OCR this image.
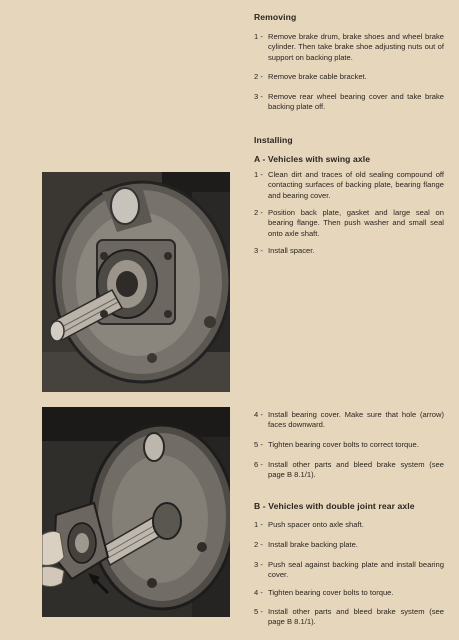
Removing
1 - Remove brake drum, brake shoes and wheel brake cylinder. Then take brake shoe adjusting nuts out of support on backing plate.
2 - Remove brake cable bracket.
3 - Remove rear wheel bearing cover and take brake backing plate off.
Installing
A - Vehicles with swing axle
1 - Clean dirt and traces of old sealing compound off contacting surfaces of backing plate, bearing flange and bearing cover.
2 - Position back plate, gasket and large seal on bearing flange. Then push washer and small seal onto axle shaft.
3 - Install spacer.
4 - Install bearing cover. Make sure that hole (arrow) faces downward.
5 - Tighten bearing cover bolts to correct torque.
6 - Install other parts and bleed brake system (see page B 8.1/1).
B - Vehicles with double joint rear axle
1 - Push spacer onto axle shaft.
2 - Install brake backing plate.
3 - Push seal against backing plate and install bearing cover.
4 - Tighten bearing cover bolts to torque.
5 - Install other parts and bleed brake system (see page B 8.1/1).
